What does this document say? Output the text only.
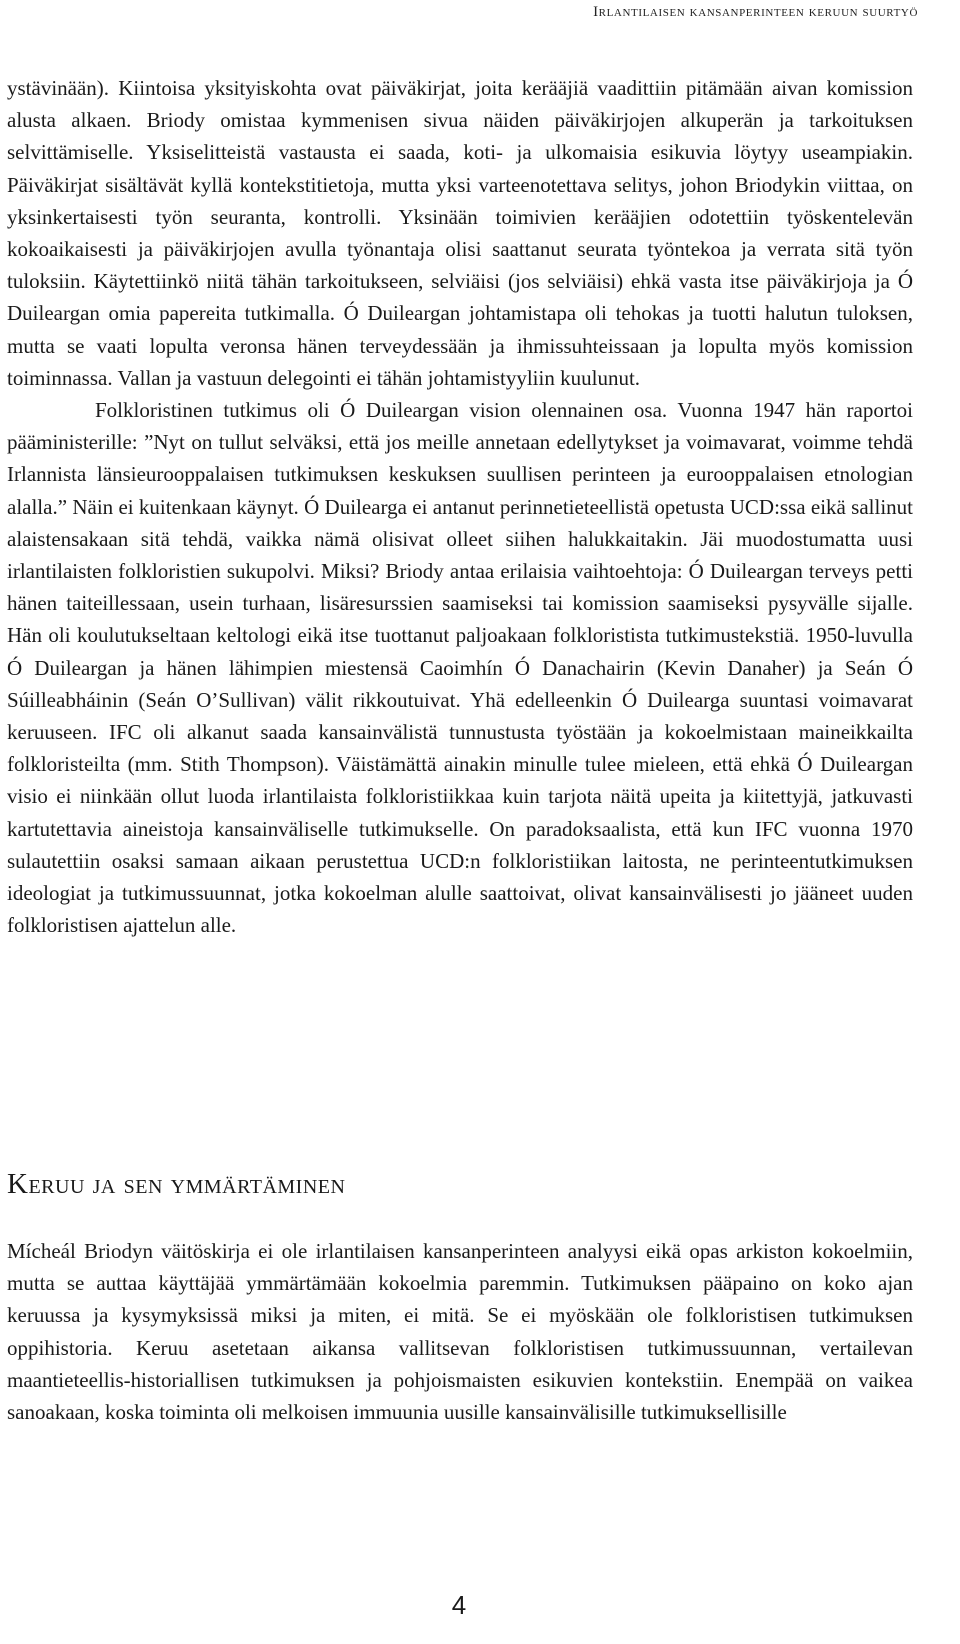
Irlantilaisen kansanperinteen keruun suurtyö

ystävinään). Kiintoisa yksityiskohta ovat päiväkirjat, joita kerääjiä vaadittiin pitämään aivan komission alusta alkaen. Briody omistaa kymmenisen sivua näiden päiväkirjojen alkuperän ja tarkoituksen selvittämiselle. Yksiselitteistä vastausta ei saada, koti- ja ulkomaisia esikuvia löytyy useampiakin. Päiväkirjat sisältävät kyllä kontekstitietoja, mutta yksi varteenotettava selitys, johon Briodykin viittaa, on yksinkertaisesti työn seuranta, kontrolli. Yksinään toimivien kerääjien odotettiin työskentelevän kokoaikaisesti ja päiväkirjojen avulla työnantaja olisi saattanut seurata työntekoa ja verrata sitä työn tuloksiin. Käytettiinkö niitä tähän tarkoitukseen, selviäisi (jos selviäisi) ehkä vasta itse päiväkirjoja ja Ó Duileargan omia papereita tutkimalla. Ó Duileargan johtamistapa oli tehokas ja tuotti halutun tuloksen, mutta se vaati lopulta veronsa hänen terveydessään ja ihmissuhteissaan ja lopulta myös komission toiminnassa. Vallan ja vastuun delegointi ei tähän johtamistyyliin kuulunut.

Folkloristinen tutkimus oli Ó Duileargan vision olennainen osa. Vuonna 1947 hän raportoi pääministerille: ”Nyt on tullut selväksi, että jos meille annetaan edellytykset ja voimavarat, voimme tehdä Irlannista länsieurooppalaisen tutkimuksen keskuksen suullisen perinteen ja eurooppalaisen etnologian alalla.” Näin ei kuitenkaan käynyt. Ó Duilearga ei antanut perinnetieteellistä opetusta UCD:ssa eikä sallinut alaistensakaan sitä tehdä, vaikka nämä olisivat olleet siihen halukkaitakin. Jäi muodostumatta uusi irlantilaisten folkloristien sukupolvi. Miksi? Briody antaa erilaisia vaihtoehtoja: Ó Duileargan terveys petti hänen taiteillessaan, usein turhaan, lisäresurssien saamiseksi tai komission saamiseksi pysyvälle sijalle. Hän oli koulutukseltaan keltologi eikä itse tuottanut paljoakaan folkloristista tutkimustekstiä. 1950-luvulla Ó Duileargan ja hänen lähimpien miestensä Caoimhín Ó Danachairin (Kevin Danaher) ja Seán Ó Súilleabháinin (Seán O’Sullivan) välit rikkoutuivat. Yhä edelleenkin Ó Duilearga suuntasi voimavarat keruuseen. IFC oli alkanut saada kansainvälistä tunnustusta työstään ja kokoelmistaan maineikkailta folkloristeilta (mm. Stith Thompson). Väistämättä ainakin minulle tulee mieleen, että ehkä Ó Duileargan visio ei niinkään ollut luoda irlantilaista folkloristiikkaa kuin tarjota näitä upeita ja kiitettyjä, jatkuvasti kartutettavia aineistoja kansainväliselle tutkimukselle. On paradoksaalista, että kun IFC vuonna 1970 sulautettiin osaksi samaan aikaan perustettua UCD:n folkloristiikan laitosta, ne perinteentutkimuksen ideologiat ja tutkimussuunnat, jotka kokoelman alulle saattoivat, olivat kansainvälisesti jo jääneet uuden folkloristisen ajattelun alle.

Keruu ja sen ymmärtäminen

Mícheál Briodyn väitöskirja ei ole irlantilaisen kansanperinteen analyysi eikä opas arkiston kokoelmiin, mutta se auttaa käyttäjää ymmärtämään kokoelmia paremmin. Tutkimuksen pääpaino on koko ajan keruussa ja kysymyksissä miksi ja miten, ei mitä. Se ei myöskään ole folkloristisen tutkimuksen oppihistoria. Keruu asetetaan aikansa vallitsevan folkloristisen tutkimussuunnan, vertailevan maantieteellis-historiallisen tutkimuksen ja pohjoismaisten esikuvien kontekstiin. Enempää on vaikea sanoakaan, koska toiminta oli melkoisen immuunia uusille kansainvälisille tutkimuksellisille

4
